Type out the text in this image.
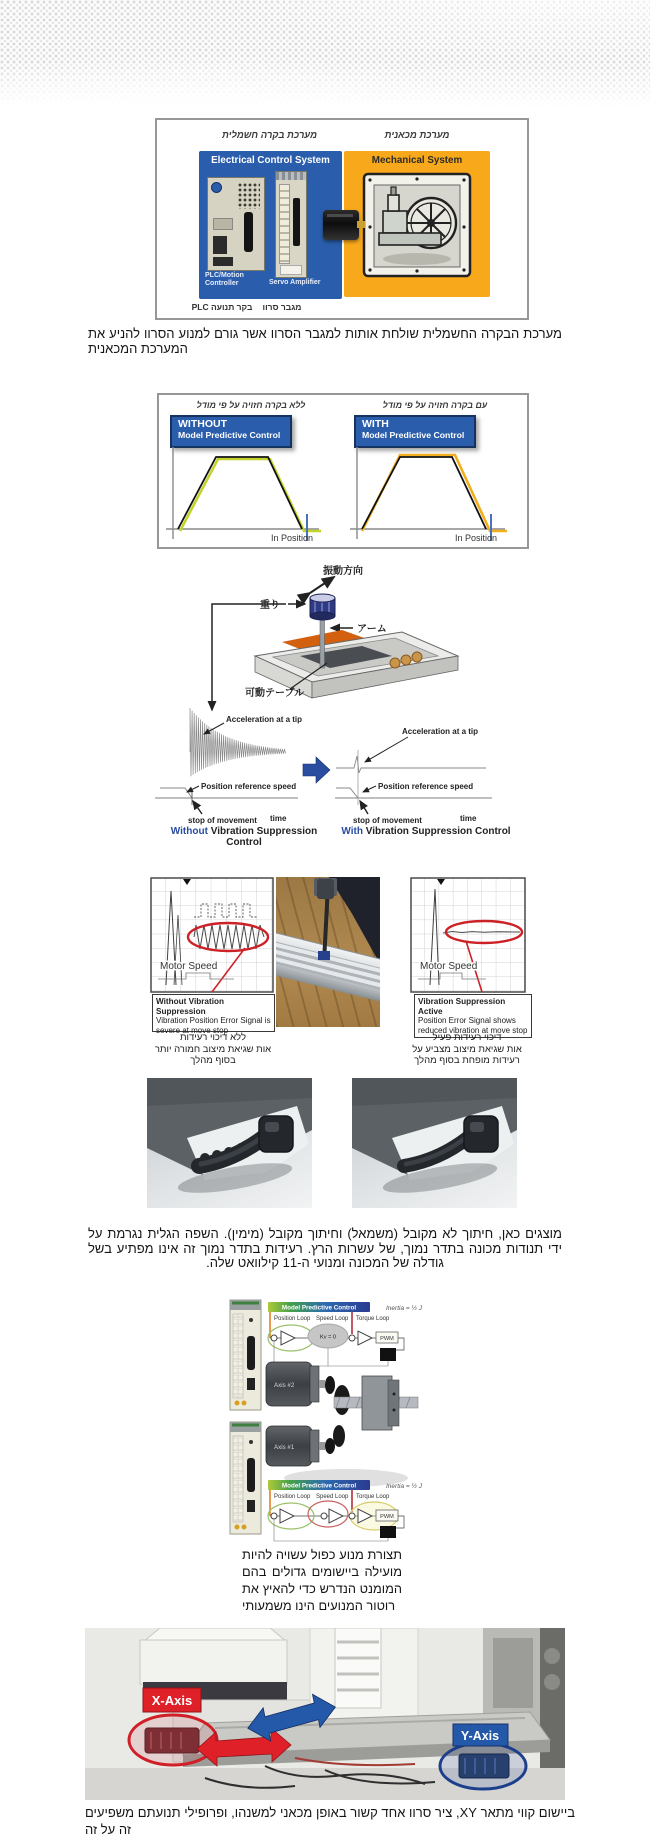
מערכת בקרה חשמלית	מערכת מכאנית
Electrical Control System
PLC/Motion Controller	Servo Amplifier
Mechanical System
בקר תנועה PLC	מגבר סרוו
מערכת הבקרה החשמלית שולחת אותות למגבר הסרוו אשר גורם למנוע הסרוו להניע את המערכת המכאנית
ללא בקרה חזויה על פי מודל	עם בקרה חזויה על פי מודל
WITHOUT
Model Predictive Control
WITH
Model Predictive Control
In Position	In Position
振動方向
重り
アーム
可動テーブル
Acceleration at a tip
Acceleration at a tip
Position reference speed	Position reference speed
stop of movement	stop of movement
time	time
Without Vibration Suppression Control
With Vibration Suppression Control
Motor Speed	Motor Speed
Without Vibration Suppression
Vibration Position Error Signal is severe at move stop
Vibration Suppression Active
Position Error Signal shows reduced vibration at move stop
ללא דיכוי רעידות
אות שגיאת מיצוב חמורה יותר בסוף מהלך
דיכוי רעידות פעיל
אות שגיאת מיצוב מצביע על רעידות מופחת בסוף מהלך
מוצגים כאן, חיתוך לא מקובל (משמאל) וחיתוך מקובל (מימין). השפה הגלית נגרמת על ידי תנודות מכונה בתדר נמוך, של עשרות הרץ. רעידות בתדר נמוך זה אינו מפתיע בשל גודלה של המכונה ומנועי ה-11 קילוואט שלה.
Model Predictive Control	Inertia = ½ J
Position Loop Speed Loop Torque Loop
Kv = 0	PWM
Axis #2
Axis #1
Model Predictive Control	Inertia = ½ J
Position Loop Speed Loop Torque Loop
PWM
תצורת מנוע כפול עשויה להיות מועילה ביישומים גדולים בהם המומנט הנדרש כדי להאיץ את רוטור המנועים הינו משמעותי
X-Axis
Y-Axis
ביישום קווי מתאר XY, ציר סרוו אחד קשור באופן מכאני למשנהו, ופרופילי תנועתם משפיעים זה על זה
